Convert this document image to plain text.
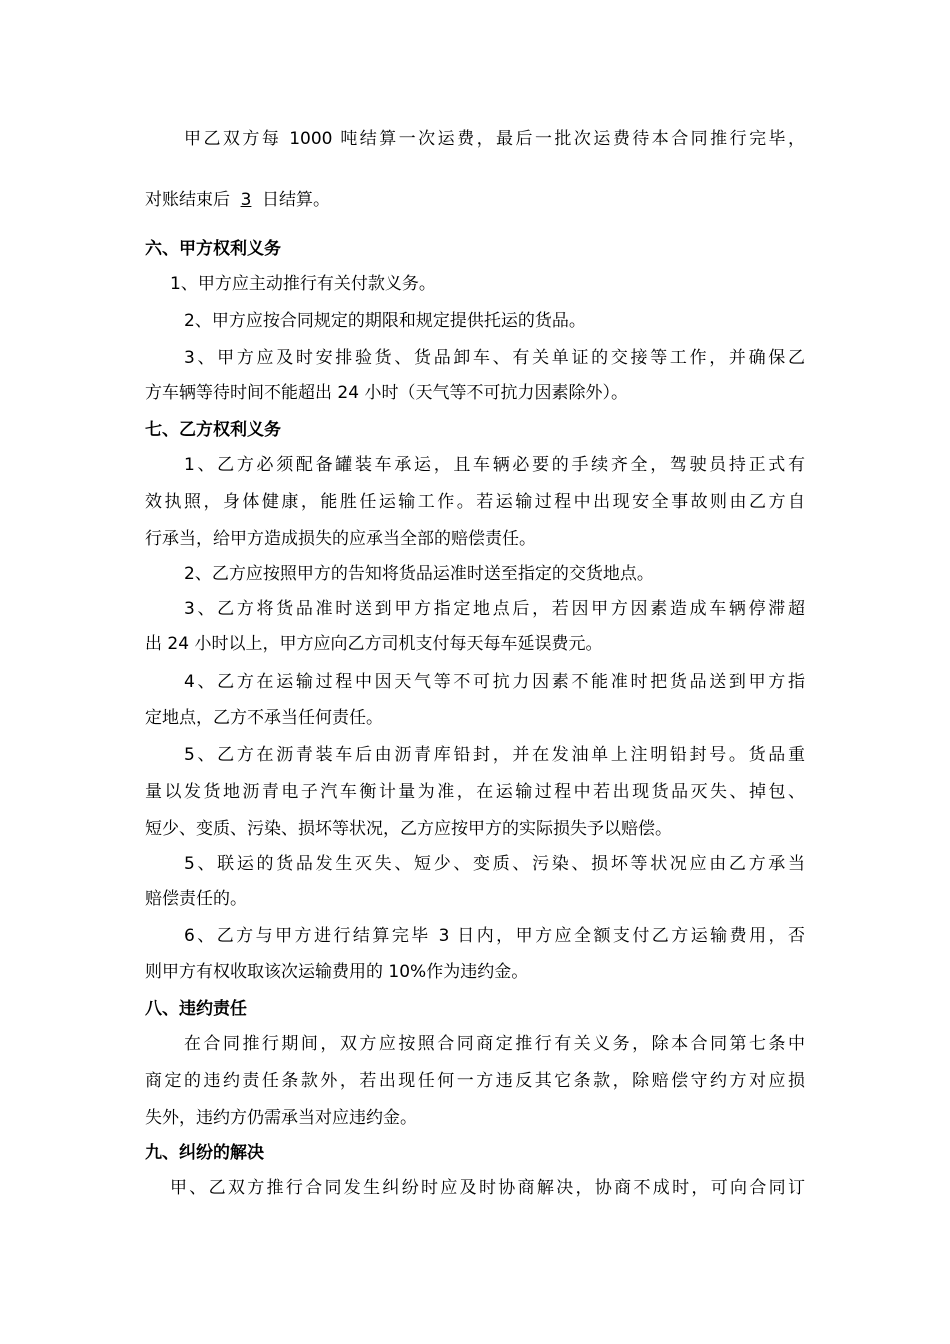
甲乙双方每 1000 吨结算一次运费，最后一批次运费待本合同推行完毕，
对账结束后 3 日结算。
六、甲方权利义务
1、甲方应主动推行有关付款义务。
2、甲方应按合同规定的期限和规定提供托运的货品。
3、甲方应及时安排验货、货品卸车、有关单证的交接等工作，并确保乙
方车辆等待时间不能超出 24 小时（天气等不可抗力因素除外）。
七、乙方权利义务
1、乙方必须配备罐装车承运，且车辆必要的手续齐全，驾驶员持正式有
效执照，身体健康，能胜任运输工作。若运输过程中出现安全事故则由乙方自
行承当，给甲方造成损失的应承当全部的赔偿责任。
2、乙方应按照甲方的告知将货品运准时送至指定的交货地点。
3、乙方将货品准时送到甲方指定地点后，若因甲方因素造成车辆停滞超
出 24 小时以上，甲方应向乙方司机支付每天每车延误费元。
4、乙方在运输过程中因天气等不可抗力因素不能准时把货品送到甲方指
定地点，乙方不承当任何责任。
5、乙方在沥青装车后由沥青库铅封，并在发油单上注明铅封号。货品重
量以发货地沥青电子汽车衡计量为准，在运输过程中若出现货品灭失、掉包、
短少、变质、污染、损坏等状况，乙方应按甲方的实际损失予以赔偿。
5、联运的货品发生灭失、短少、变质、污染、损坏等状况应由乙方承当
赔偿责任的。
6、乙方与甲方进行结算完毕 3 日内，甲方应全额支付乙方运输费用，否
则甲方有权收取该次运输费用的 10%作为违约金。
八、违约责任
在合同推行期间，双方应按照合同商定推行有关义务，除本合同第七条中
商定的违约责任条款外，若出现任何一方违反其它条款，除赔偿守约方对应损
失外，违约方仍需承当对应违约金。
九、纠纷的解决
甲、乙双方推行合同发生纠纷时应及时协商解决，协商不成时，可向合同订
